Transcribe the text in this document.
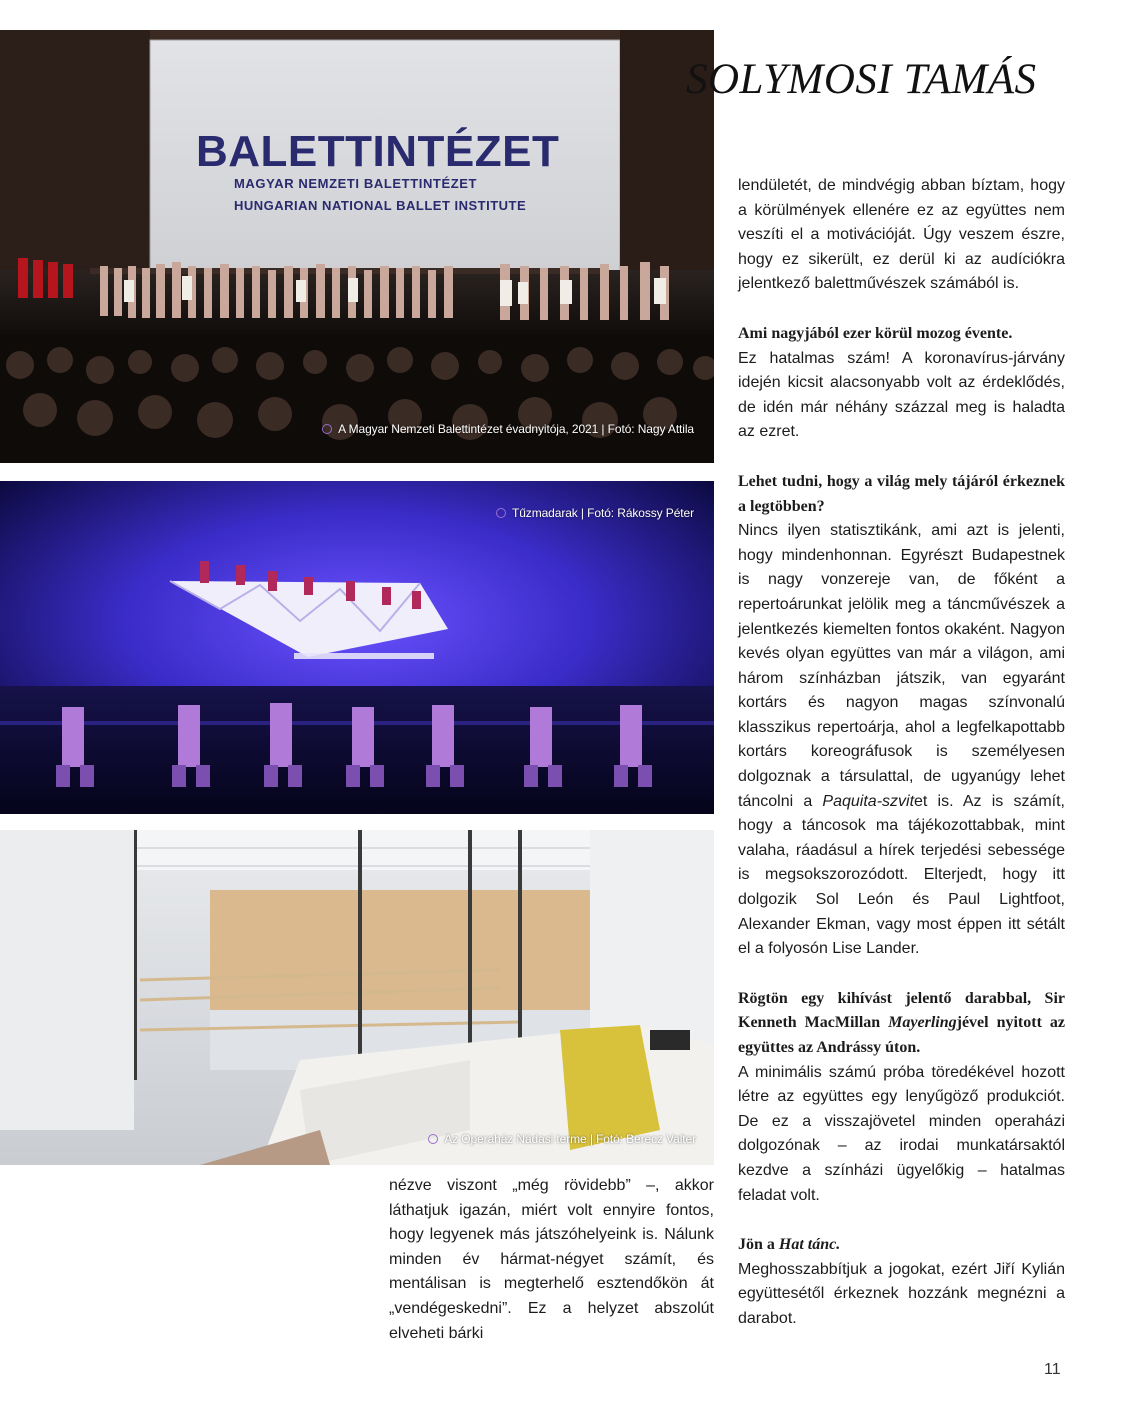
BALETTINTÉZET
MAGYAR NEMZETI BALETTINTÉZET
HUNGARIAN NATIONAL BALLET INSTITUTE
A Magyar Nemzeti Balettintézet évadnyitója, 2021 | Fotó: Nagy Attila
Tűzmadarak | Fotó: Rákossy Péter
Az Operaház Nádasi terme | Fotó: Berecz Valter
SOLYMOSI TAMÁS

lendületét, de mindvégig abban bíztam, hogy a körülmények ellenére ez az együttes nem veszíti el a motivációját. Úgy veszem észre, hogy ez sikerült, ez derül ki az audíciókra jelentkező balettművészek számából is.

Ami nagyjából ezer körül mozog évente.
Ez hatalmas szám! A koronavírus-járvány idején kicsit alacsonyabb volt az érdeklődés, de idén már néhány százzal meg is haladta az ezret.

Lehet tudni, hogy a világ mely tájáról érkeznek a legtöbben?
Nincs ilyen statisztikánk, ami azt is jelenti, hogy mindenhonnan. Egyrészt Budapestnek is nagy vonzereje van, de főként a repertoárunkat jelölik meg a táncművészek a jelentkezés kiemelten fontos okaként. Nagyon kevés olyan együttes van már a világon, ami három színházban játszik, van egyaránt kortárs és nagyon magas színvonalú klasszikus repertoárja, ahol a legfelkapottabb kortárs koreográfusok is személyesen dolgoznak a társulattal, de ugyanúgy lehet táncolni a Paquita-szvitet is. Az is számít, hogy a táncosok ma tájékozottabbak, mint valaha, ráadásul a hírek terjedési sebessége is megsokszorozódott. Elterjedt, hogy itt dolgozik Sol León és Paul Lightfoot, Alexander Ekman, vagy most éppen itt sétált el a folyosón Lise Lander.

Rögtön egy kihívást jelentő darabbal, Sir Kenneth MacMillan Mayerlingjével nyitott az együttes az Andrássy úton.
A minimális számú próba töredékével hozott létre az együttes egy lenyűgöző produkciót. De ez a visszajövetel minden operaházi dolgozónak – az irodai munkatársaktól kezdve a színházi ügyelőkig – hatalmas feladat volt.

Jön a Hat tánc.
Meghosszabbítjuk a jogokat, ezért Jiří Kylián együttesétől érkeznek hozzánk megnézni a darabot.

nézve viszont „még rövidebb” –, akkor láthatjuk igazán, miért volt ennyire fontos, hogy legyenek más játszóhelyeink is. Nálunk minden év hármat-négyet számít, és mentálisan is megterhelő esztendőkön át „vendégeskedni”. Ez a helyzet abszolút elveheti bárki

11
